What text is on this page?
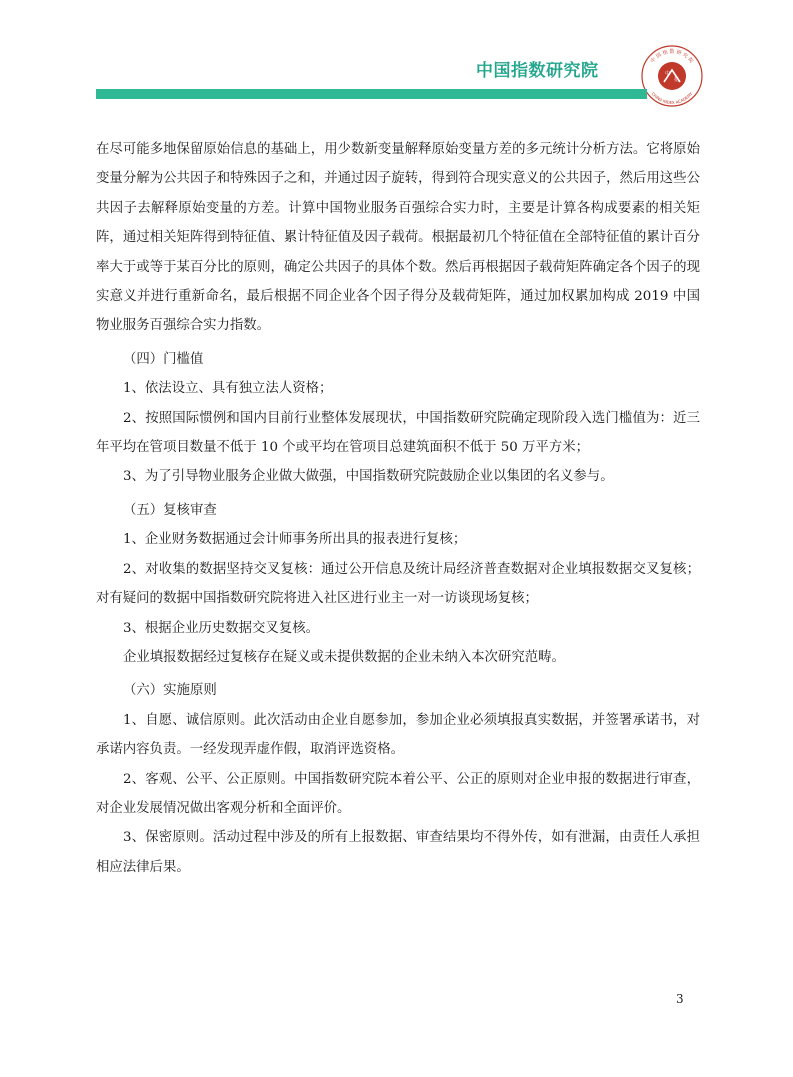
中国指数研究院
中 国 指 数 研 究 院
CHINA INDEX ACADEMY
中
指

在尽可能多地保留原始信息的基础上，用少数新变量解释原始变量方差的多元统计分析方法。它将原始变量分解为公共因子和特殊因子之和，并通过因子旋转，得到符合现实意义的公共因子，然后用这些公共因子去解释原始变量的方差。计算中国物业服务百强综合实力时，主要是计算各构成要素的相关矩阵，通过相关矩阵得到特征值、累计特征值及因子载荷。根据最初几个特征值在全部特征值的累计百分率大于或等于某百分比的原则，确定公共因子的具体个数。然后再根据因子载荷矩阵确定各个因子的现实意义并进行重新命名，最后根据不同企业各个因子得分及载荷矩阵，通过加权累加构成 2019 中国物业服务百强综合实力指数。

（四）门槛值

1、依法设立、具有独立法人资格；

2、按照国际惯例和国内目前行业整体发展现状，中国指数研究院确定现阶段入选门槛值为：近三年平均在管项目数量不低于 10 个或平均在管项目总建筑面积不低于 50 万平方米；

3、为了引导物业服务企业做大做强，中国指数研究院鼓励企业以集团的名义参与。

（五）复核审查

1、企业财务数据通过会计师事务所出具的报表进行复核；

2、对收集的数据坚持交叉复核：通过公开信息及统计局经济普查数据对企业填报数据交叉复核；对有疑问的数据中国指数研究院将进入社区进行业主一对一访谈现场复核；

3、根据企业历史数据交叉复核。

企业填报数据经过复核存在疑义或未提供数据的企业未纳入本次研究范畴。

（六）实施原则

1、自愿、诚信原则。此次活动由企业自愿参加，参加企业必须填报真实数据，并签署承诺书，对承诺内容负责。一经发现弄虚作假，取消评选资格。

2、客观、公平、公正原则。中国指数研究院本着公平、公正的原则对企业申报的数据进行审查，对企业发展情况做出客观分析和全面评价。

3、保密原则。活动过程中涉及的所有上报数据、审查结果均不得外传，如有泄漏，由责任人承担相应法律后果。

3
